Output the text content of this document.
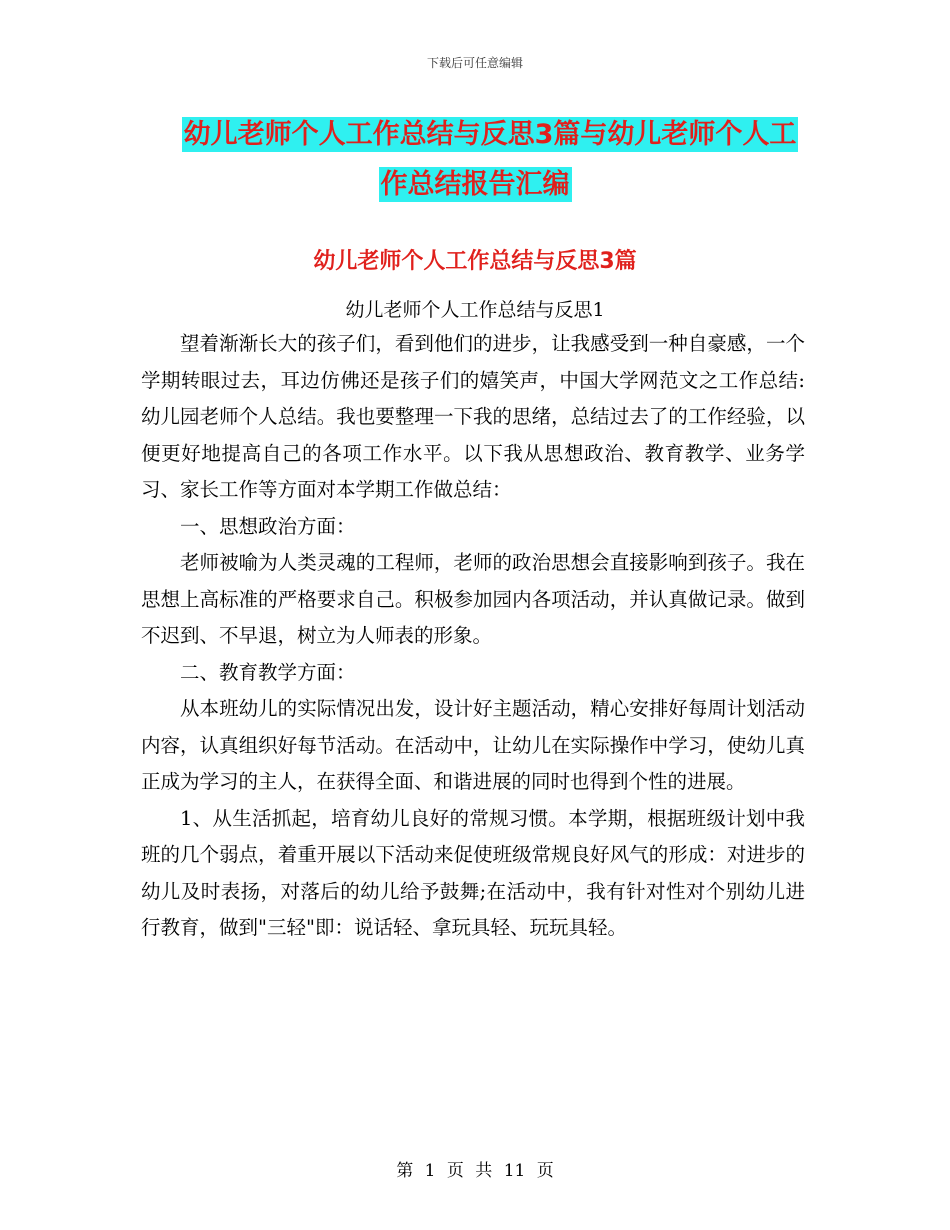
下载后可任意编辑
幼儿老师个人工作总结与反思3篇与幼儿老师个人工
作总结报告汇编
幼儿老师个人工作总结与反思3篇
幼儿老师个人工作总结与反思1

望着渐渐长大的孩子们，看到他们的进步，让我感受到一种自豪感，一个学期转眼过去，耳边仿佛还是孩子们的嬉笑声，中国大学网范文之工作总结:幼儿园老师个人总结。我也要整理一下我的思绪，总结过去了的工作经验，以便更好地提高自己的各项工作水平。以下我从思想政治、教育教学、业务学习、家长工作等方面对本学期工作做总结：

一、思想政治方面：

老师被喻为人类灵魂的工程师，老师的政治思想会直接影响到孩子。我在思想上高标准的严格要求自己。积极参加园内各项活动，并认真做记录。做到不迟到、不早退，树立为人师表的形象。

二、教育教学方面：

从本班幼儿的实际情况出发，设计好主题活动，精心安排好每周计划活动内容，认真组织好每节活动。在活动中，让幼儿在实际操作中学习，使幼儿真正成为学习的主人，在获得全面、和谐进展的同时也得到个性的进展。

1、从生活抓起，培育幼儿良好的常规习惯。本学期，根据班级计划中我班的几个弱点，着重开展以下活动来促使班级常规良好风气的形成：对进步的幼儿及时表扬，对落后的幼儿给予鼓舞;在活动中，我有针对性对个别幼儿进行教育，做到"三轻"即：说话轻、拿玩具轻、玩玩具轻。

第 1 页 共 11 页
